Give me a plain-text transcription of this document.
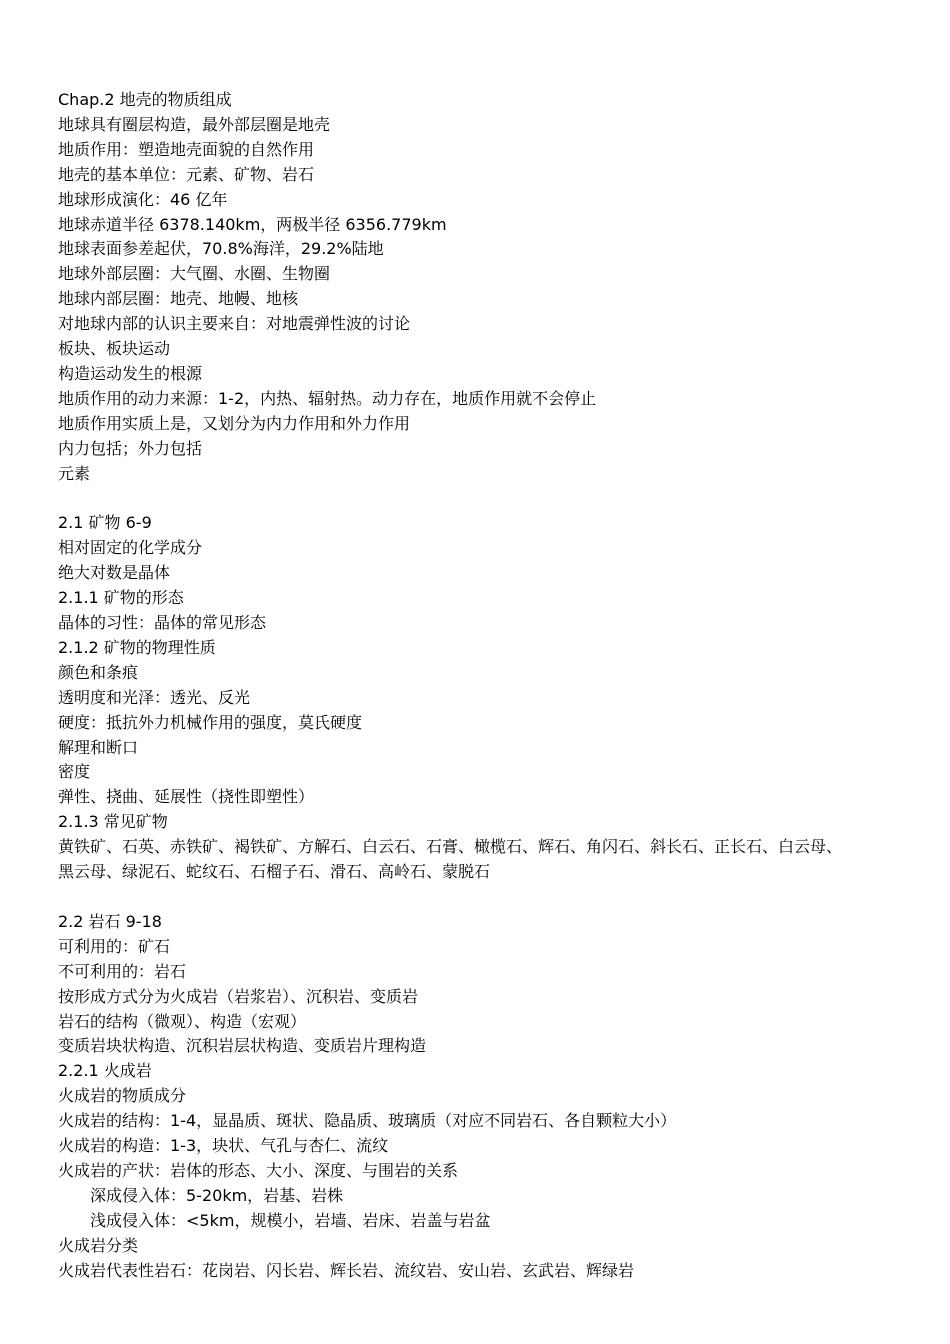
Chap.2 地壳的物质组成
地球具有圈层构造，最外部层圈是地壳
地质作用：塑造地壳面貌的自然作用
地壳的基本单位：元素、矿物、岩石
地球形成演化：46 亿年
地球赤道半径 6378.140km，两极半径 6356.779km
地球表面参差起伏，70.8%海洋，29.2%陆地
地球外部层圈：大气圈、水圈、生物圈
地球内部层圈：地壳、地幔、地核
对地球内部的认识主要来自：对地震弹性波的讨论
板块、板块运动
构造运动发生的根源
地质作用的动力来源：1-2，内热、辐射热。动力存在，地质作用就不会停止
地质作用实质上是，又划分为内力作用和外力作用
内力包括；外力包括
元素
2.1 矿物 6-9
相对固定的化学成分
绝大对数是晶体
2.1.1 矿物的形态
晶体的习性：晶体的常见形态
2.1.2 矿物的物理性质
颜色和条痕
透明度和光泽：透光、反光
硬度：抵抗外力机械作用的强度，莫氏硬度
解理和断口
密度
弹性、挠曲、延展性（挠性即塑性）
2.1.3 常见矿物
黄铁矿、石英、赤铁矿、褐铁矿、方解石、白云石、石膏、橄榄石、辉石、角闪石、斜长石、正长石、白云母、
黑云母、绿泥石、蛇纹石、石榴子石、滑石、高岭石、蒙脱石
2.2 岩石 9-18
可利用的：矿石
不可利用的：岩石
按形成方式分为火成岩（岩浆岩）、沉积岩、变质岩
岩石的结构（微观）、构造（宏观）
变质岩块状构造、沉积岩层状构造、变质岩片理构造
2.2.1 火成岩
火成岩的物质成分
火成岩的结构：1-4，显晶质、斑状、隐晶质、玻璃质（对应不同岩石、各自颗粒大小）
火成岩的构造：1-3，块状、气孔与杏仁、流纹
火成岩的产状：岩体的形态、大小、深度、与围岩的关系
深成侵入体：5-20km，岩基、岩株
浅成侵入体：<5km，规模小，岩墙、岩床、岩盖与岩盆
火成岩分类
火成岩代表性岩石：花岗岩、闪长岩、辉长岩、流纹岩、安山岩、玄武岩、辉绿岩
